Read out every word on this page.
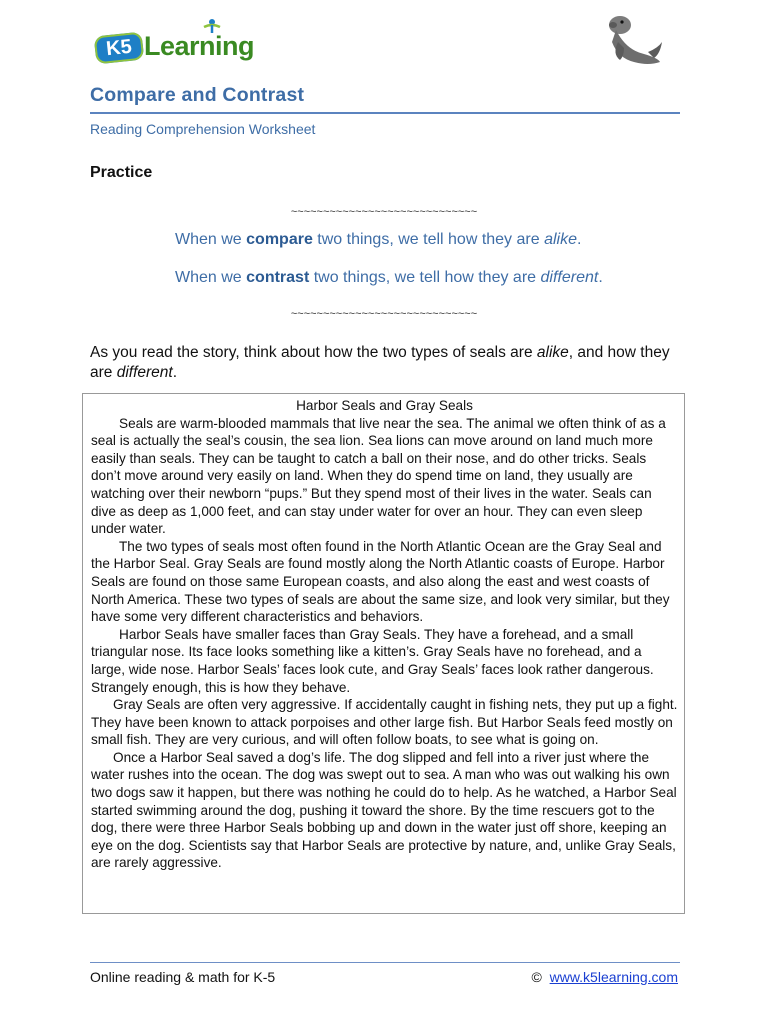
K5 Learning
Compare and Contrast
Reading Comprehension Worksheet
Practice
~~~~~~~~~~~~~~~~~~~~~~~~~~~~~
When we compare two things, we tell how they are alike.
When we contrast two things, we tell how they are different.
~~~~~~~~~~~~~~~~~~~~~~~~~~~~~
As you read the story, think about how the two types of seals are alike, and how they are different.
Harbor Seals and Gray Seals

Seals are warm-blooded mammals that live near the sea. The animal we often think of as a seal is actually the seal’s cousin, the sea lion. Sea lions can move around on land much more easily than seals. They can be taught to catch a ball on their nose, and do other tricks. Seals don’t move around very easily on land. When they do spend time on land, they usually are watching over their newborn “pups.” But they spend most of their lives in the water. Seals can dive as deep as 1,000 feet, and can stay under water for over an hour. They can even sleep under water.

The two types of seals most often found in the North Atlantic Ocean are the Gray Seal and the Harbor Seal. Gray Seals are found mostly along the North Atlantic coasts of Europe. Harbor Seals are found on those same European coasts, and also along the east and west coasts of North America. These two types of seals are about the same size, and look very similar, but they have some very different characteristics and behaviors.

Harbor Seals have smaller faces than Gray Seals. They have a forehead, and a small triangular nose. Its face looks something like a kitten’s. Gray Seals have no forehead, and a large, wide nose. Harbor Seals’ faces look cute, and Gray Seals’ faces look rather dangerous. Strangely enough, this is how they behave.

Gray Seals are often very aggressive. If accidentally caught in fishing nets, they put up a fight. They have been known to attack porpoises and other large fish. But Harbor Seals feed mostly on small fish. They are very curious, and will often follow boats, to see what is going on.

Once a Harbor Seal saved a dog’s life. The dog slipped and fell into a river just where the water rushes into the ocean. The dog was swept out to sea. A man who was out walking his own two dogs saw it happen, but there was nothing he could do to help. As he watched, a Harbor Seal started swimming around the dog, pushing it toward the shore. By the time rescuers got to the dog, there were three Harbor Seals bobbing up and down in the water just off shore, keeping an eye on the dog. Scientists say that Harbor Seals are protective by nature, and, unlike Gray Seals, are rarely aggressive.

Online reading & math for K-5	© www.k5learning.com
